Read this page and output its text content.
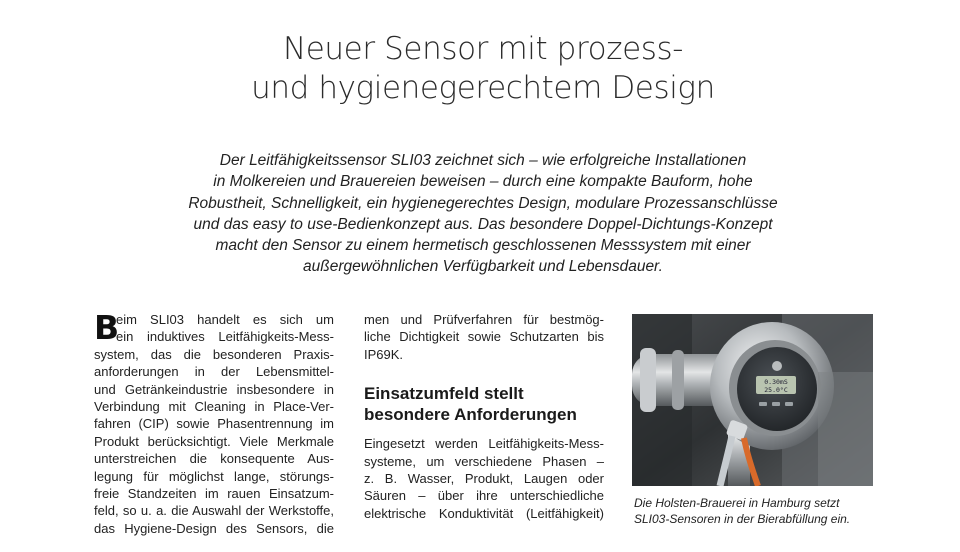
Neuer Sensor mit prozess-
und hygienegerechtem Design

Der Leitfähigkeitssensor SLI03 zeichnet sich – wie erfolgreiche Installationen
in Molkereien und Brauereien beweisen – durch eine kompakte Bauform, hohe
Robustheit, Schnelligkeit, ein hygienegerechtes Design, modulare Prozessanschlüsse
und das easy to use-Bedienkonzept aus. Das besondere Doppel-Dichtungs-Konzept
macht den Sensor zu einem hermetisch geschlossenen Messsystem mit einer
außergewöhnlichen Verfügbarkeit und Lebensdauer.

B
eim SLI03 handelt es sich um
ein induktives Leitfähigkeits-Mess-
system, das die besonderen Praxis-
anforderungen in der Lebensmittel-
und Getränkeindustrie insbesondere in
Verbindung mit Cleaning in Place-Ver-
fahren (CIP) sowie Phasentrennung im
Produkt berücksichtigt. Viele Merkmale
unterstreichen die konsequente Aus-
legung für möglichst lange, störungs-
freie Standzeiten im rauen Einsatzum-
feld, so u. a. die Auswahl der Werkstoffe,
das Hygiene-Design des Sensors, die
men und Prüfverfahren für bestmög-
liche Dichtigkeit sowie Schutzarten bis
IP69K.
Einsatzumfeld stellt
besondere Anforderungen
Eingesetzt werden Leitfähigkeits-Mess-
systeme, um verschiedene Phasen –
z. B. Wasser, Produkt, Laugen oder
Säuren – über ihre unterschiedliche
elektrische Konduktivität (Leitfähigkeit)
0.30mS
25.0°C
Die Holsten-Brauerei in Hamburg setzt
SLI03-Sensoren in der Bierabfüllung ein.
